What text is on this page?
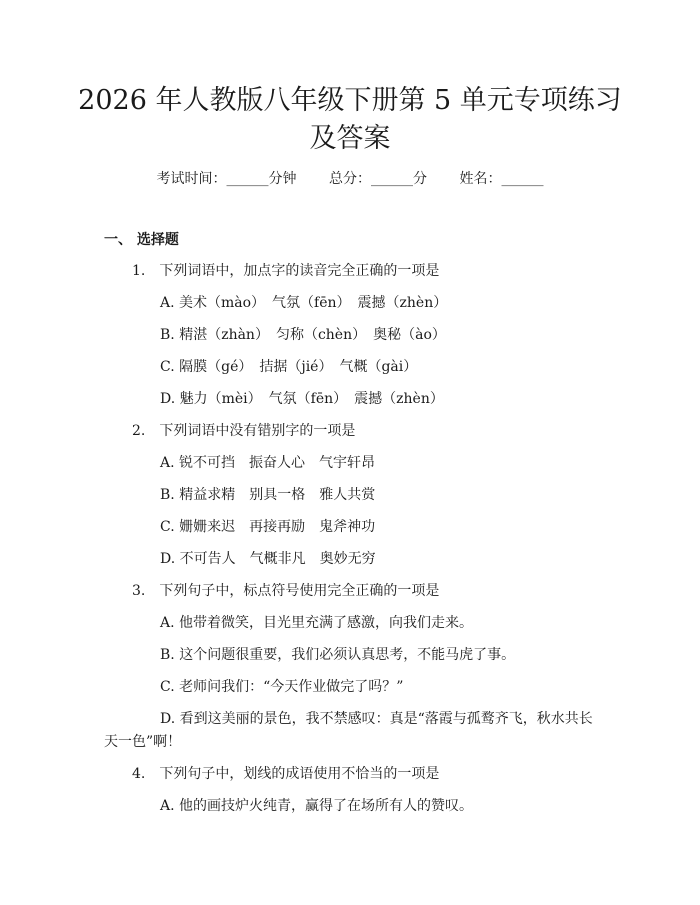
2026 年人教版八年级下册第 5 单元专项练习
及答案
考试时间：______分钟 总分：______分 姓名：______
一、 选择题
1.　下列词语中，加点字的读音完全正确的一项是
A. 美术（mào）　气氛（fēn）　震撼（zhèn）
B. 精湛（zhàn）　匀称（chèn）　奥秘（ào）
C. 隔膜（gé）　拮据（jié）　气概（gài）
D. 魅力（mèi）　气氛（fēn）　震撼（zhèn）
2.　下列词语中没有错别字的一项是
A. 锐不可挡　振奋人心　气宇轩昂
B. 精益求精　别具一格　雅人共赏
C. 姗姗来迟　再接再励　鬼斧神功
D. 不可告人　气概非凡　奥妙无穷
3.　下列句子中，标点符号使用完全正确的一项是
A. 他带着微笑，目光里充满了感激，向我们走来。
B. 这个问题很重要，我们必须认真思考，不能马虎了事。
C. 老师问我们：“今天作业做完了吗？”
D. 看到这美丽的景色，我不禁感叹：真是“落霞与孤鹜齐飞，秋水共长
天一色”啊！
4.　下列句子中，划线的成语使用不恰当的一项是
A. 他的画技炉火纯青，赢得了在场所有人的赞叹。
